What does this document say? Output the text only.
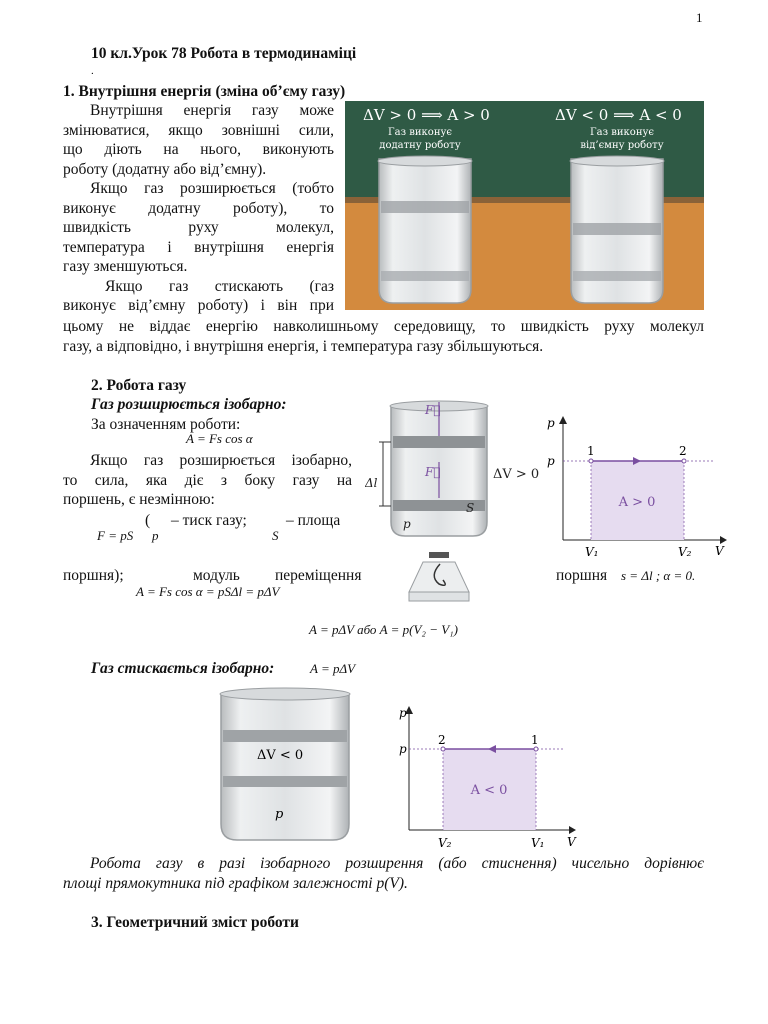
1
10 кл.Урок 78 Робота в термодинаміці
.
1. Внутрішня енергія (зміна об’єму газу)
Внутрішня енергія газу може
змінюватися, якщо зовнішні сили,
що діють на нього, виконують
роботу (додатну або від’ємну).
Якщо газ розширюється (тобто
виконує додатну роботу), то
швидкість руху молекул,
температура і внутрішня енергія
газу зменшуються.
Якщо газ стискають (газ
виконує від’ємну роботу) і він при
цьому не віддає енергію навколишньому середовищу, то швидкість руху молекул
газу, а відповідно, і внутрішня енергія, і температура газу збільшуються.
ΔV > 0 ⟹ A > 0
Газ виконує
додатну роботу
ΔV < 0 ⟹ A < 0
Газ виконує
від’ємну роботу
2. Робота газу
Газ розширюється ізобарно:
За означенням роботи:
A = Fs cos α
Якщо газ розширюється ізобарно,
то сила, яка діє з боку газу на
поршень, є незмінною:
( – тиск газу;	– площа
F = pS p	S
поршня);	модуль переміщення	поршня s = Δl ; α = 0.
A = Fs cos α = pSΔl = pΔV
A = pΔV або A = p(V₂ − V₁)
F⃗
F⃗
Δl
S
p
ΔV > 0
p
V
p
1	2
A > 0
V₁	V₂
Газ стискається ізобарно:	A = pΔV
ΔV < 0
p
p
V
p
2	1
A < 0
V₂	V₁
Робота газу в разі ізобарного розширення (або стиснення) чисельно дорівнює
площі прямокутника під графіком залежності p(V).
3. Геометричний зміст роботи
